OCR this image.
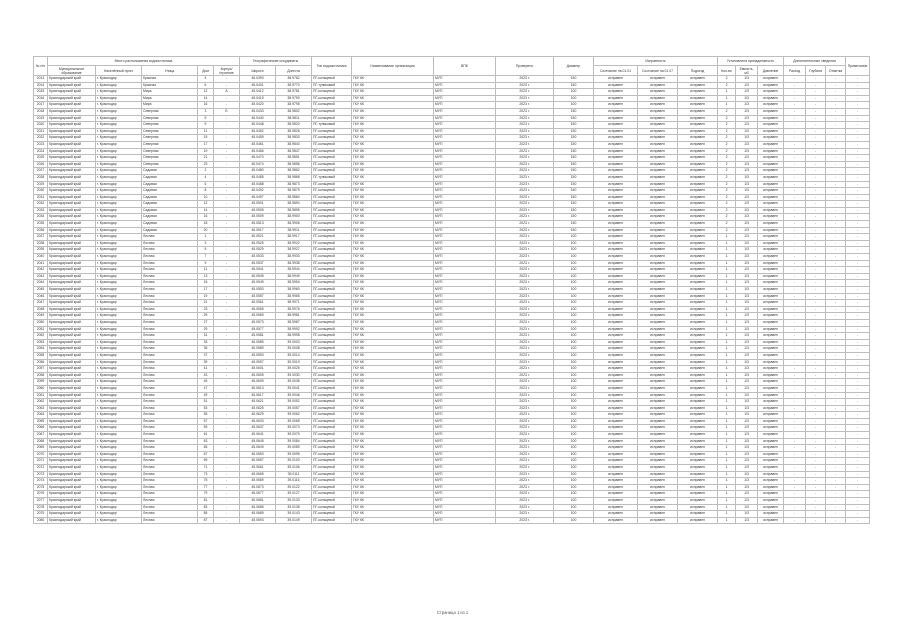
№ п/п	Место расположения водоисточника					Географические координаты		Тип водоисточника	Наименование организации	ВПБ	Проверено	Диаметр	Исправность			Установлена принадлежность			Дополнительные сведения			Примечание
	Муниципальное образование	Населённый пункт	Улица	Дом	Корпус/строение	Широта	Долгота						Состояние на 01.01	Состояние на 01.07	Подъезд	Кол-во	Емкость, м3	Давление	Расход	Глубина	Отметка	
2013	Краснодарский край	г. Краснодар	Красная	4	-	45.0393	38.9762	ПГ-кольцевой	ГКУ КК	МУП	2023 г.	150	исправен	исправен	исправен	2	1/3	исправен	-	-	-	-
2014	Краснодарский край	г. Краснодар	Красная	6	-	45.0401	38.9770	ПГ-тупиковый	ГКУ КК	МУП	2023 г.	150	исправен	исправен	исправен	2	1/3	исправен	-	-	-	-
2015	Краснодарский край	г. Краснодар	Мира	12	А	45.0412	38.9781	ПГ-кольцевой	ГКУ КК	МУП	2023 г.	100	исправен	исправен	исправен	1	1/3	исправен	-	-	-	-
2016	Краснодарский край	г. Краснодар	Мира	14	-	45.0415	38.9790	ПГ-кольцевой	ГКУ КК	МУП	2023 г.	100	исправен	исправен	исправен	1	1/3	исправен	-	-	-	-
2017	Краснодарский край	г. Краснодар	Мира	16	-	45.0420	38.9795	ПГ-кольцевой	ГКУ КК	МУП	2023 г.	100	исправен	исправен	исправен	1	1/3	исправен	-	-	-	-
2018	Краснодарский край	г. Краснодар	Северная	3	Б	45.0433	38.9802	ПГ-кольцевой	ГКУ КК	МУП	2023 г.	150	исправен	исправен	исправен	2	1/3	исправен	-	-	-	-
2019	Краснодарский край	г. Краснодар	Северная	5	-	45.0440	38.9811	ПГ-кольцевой	ГКУ КК	МУП	2023 г.	150	исправен	исправен	исправен	2	1/3	исправен	-	-	-	-
2020	Краснодарский край	г. Краснодар	Северная	9	-	45.0448	38.9820	ПГ-тупиковый	ГКУ КК	МУП	2023 г.	150	исправен	исправен	исправен	2	1/3	исправен	-	-	-	-
2021	Краснодарский край	г. Краснодар	Северная	11	-	45.0452	38.9826	ПГ-кольцевой	ГКУ КК	МУП	2023 г.	150	исправен	исправен	исправен	2	1/3	исправен	-	-	-	-
2022	Краснодарский край	г. Краснодар	Северная	15	-	45.0459	38.9833	ПГ-кольцевой	ГКУ КК	МУП	2023 г.	150	исправен	исправен	исправен	2	1/3	исправен	-	-	-	-
2023	Краснодарский край	г. Краснодар	Северная	17	-	45.0461	38.9840	ПГ-кольцевой	ГКУ КК	МУП	2023 г.	150	исправен	исправен	исправен	2	1/3	исправен	-	-	-	-
2024	Краснодарский край	г. Краснодар	Северная	19	-	45.0466	38.9847	ПГ-кольцевой	ГКУ КК	МУП	2023 г.	150	исправен	исправен	исправен	2	1/3	исправен	-	-	-	-
2025	Краснодарский край	г. Краснодар	Северная	21	-	45.0470	38.9851	ПГ-кольцевой	ГКУ КК	МУП	2023 г.	150	исправен	исправен	исправен	2	1/3	исправен	-	-	-	-
2026	Краснодарский край	г. Краснодар	Северная	23	-	45.0474	38.9856	ПГ-кольцевой	ГКУ КК	МУП	2023 г.	150	исправен	исправен	исправен	2	1/3	исправен	-	-	-	-
2027	Краснодарский край	г. Краснодар	Садовая	2	-	45.0480	38.9862	ПГ-кольцевой	ГКУ КК	МУП	2023 г.	150	исправен	исправен	исправен	2	1/3	исправен	-	-	-	-
2028	Краснодарский край	г. Краснодар	Садовая	4	-	45.0485	38.9868	ПГ-тупиковый	ГКУ КК	МУП	2023 г.	150	исправен	исправен	исправен	2	1/3	исправен	-	-	-	-
2029	Краснодарский край	г. Краснодар	Садовая	6	-	45.0488	38.9873	ПГ-кольцевой	ГКУ КК	МУП	2023 г.	150	исправен	исправен	исправен	2	1/3	исправен	-	-	-	-
2030	Краснодарский край	г. Краснодар	Садовая	8	-	45.0492	38.9879	ПГ-кольцевой	ГКУ КК	МУП	2023 г.	150	исправен	исправен	исправен	2	1/3	исправен	-	-	-	-
2031	Краснодарский край	г. Краснодар	Садовая	10	-	45.0497	38.9884	ПГ-кольцевой	ГКУ КК	МУП	2023 г.	150	исправен	исправен	исправен	2	1/3	исправен	-	-	-	-
2032	Краснодарский край	г. Краснодар	Садовая	12	-	45.0501	38.9890	ПГ-кольцевой	ГКУ КК	МУП	2023 г.	150	исправен	исправен	исправен	2	1/3	исправен	-	-	-	-
2033	Краснодарский край	г. Краснодар	Садовая	14	-	45.0505	38.9895	ПГ-кольцевой	ГКУ КК	МУП	2023 г.	150	исправен	исправен	исправен	2	1/3	исправен	-	-	-	-
2034	Краснодарский край	г. Краснодар	Садовая	16	-	45.0509	38.9900	ПГ-кольцевой	ГКУ КК	МУП	2023 г.	150	исправен	исправен	исправен	2	1/3	исправен	-	-	-	-
2035	Краснодарский край	г. Краснодар	Садовая	18	-	45.0513	38.9906	ПГ-кольцевой	ГКУ КК	МУП	2023 г.	150	исправен	исправен	исправен	2	1/3	исправен	-	-	-	-
2036	Краснодарский край	г. Краснодар	Садовая	20	-	45.0517	38.9911	ПГ-кольцевой	ГКУ КК	МУП	2023 г.	150	исправен	исправен	исправен	2	1/3	исправен	-	-	-	-
2037	Краснодарский край	г. Краснодар	Лесная	1	-	45.0521	38.9917	ПГ-кольцевой	ГКУ КК	МУП	2023 г.	100	исправен	исправен	исправен	1	1/3	исправен	-	-	-	-
2038	Краснодарский край	г. Краснодар	Лесная	3	-	45.0525	38.9922	ПГ-кольцевой	ГКУ КК	МУП	2023 г.	100	исправен	исправен	исправен	1	1/3	исправен	-	-	-	-
2039	Краснодарский край	г. Краснодар	Лесная	5	-	45.0529	38.9927	ПГ-кольцевой	ГКУ КК	МУП	2023 г.	100	исправен	исправен	исправен	1	1/3	исправен	-	-	-	-
2040	Краснодарский край	г. Краснодар	Лесная	7	-	45.0533	38.9933	ПГ-кольцевой	ГКУ КК	МУП	2023 г.	100	исправен	исправен	исправен	1	1/3	исправен	-	-	-	-
2041	Краснодарский край	г. Краснодар	Лесная	9	-	45.0537	38.9938	ПГ-кольцевой	ГКУ КК	МУП	2023 г.	100	исправен	исправен	исправен	1	1/3	исправен	-	-	-	-
2042	Краснодарский край	г. Краснодар	Лесная	11	-	45.0541	38.9944	ПГ-кольцевой	ГКУ КК	МУП	2023 г.	100	исправен	исправен	исправен	1	1/3	исправен	-	-	-	-
2043	Краснодарский край	г. Краснодар	Лесная	13	-	45.0545	38.9949	ПГ-кольцевой	ГКУ КК	МУП	2023 г.	100	исправен	исправен	исправен	1	1/3	исправен	-	-	-	-
2044	Краснодарский край	г. Краснодар	Лесная	15	-	45.0549	38.9954	ПГ-кольцевой	ГКУ КК	МУП	2023 г.	100	исправен	исправен	исправен	1	1/3	исправен	-	-	-	-
2045	Краснодарский край	г. Краснодар	Лесная	17	-	45.0553	38.9960	ПГ-кольцевой	ГКУ КК	МУП	2023 г.	100	исправен	исправен	исправен	1	1/3	исправен	-	-	-	-
2046	Краснодарский край	г. Краснодар	Лесная	19	-	45.0557	38.9965	ПГ-кольцевой	ГКУ КК	МУП	2023 г.	100	исправен	исправен	исправен	1	1/3	исправен	-	-	-	-
2047	Краснодарский край	г. Краснодар	Лесная	21	-	45.0561	38.9971	ПГ-кольцевой	ГКУ КК	МУП	2023 г.	100	исправен	исправен	исправен	1	1/3	исправен	-	-	-	-
2048	Краснодарский край	г. Краснодар	Лесная	23	-	45.0565	38.9976	ПГ-кольцевой	ГКУ КК	МУП	2023 г.	100	исправен	исправен	исправен	1	1/3	исправен	-	-	-	-
2049	Краснодарский край	г. Краснодар	Лесная	25	-	45.0569	38.9981	ПГ-кольцевой	ГКУ КК	МУП	2023 г.	100	исправен	исправен	исправен	1	1/3	исправен	-	-	-	-
2050	Краснодарский край	г. Краснодар	Лесная	27	-	45.0573	38.9987	ПГ-кольцевой	ГКУ КК	МУП	2023 г.	100	исправен	исправен	исправен	1	1/3	исправен	-	-	-	-
2051	Краснодарский край	г. Краснодар	Лесная	29	-	45.0577	38.9992	ПГ-кольцевой	ГКУ КК	МУП	2023 г.	100	исправен	исправен	исправен	1	1/3	исправен	-	-	-	-
2052	Краснодарский край	г. Краснодар	Лесная	31	-	45.0581	38.9998	ПГ-кольцевой	ГКУ КК	МУП	2023 г.	100	исправен	исправен	исправен	1	1/3	исправен	-	-	-	-
2053	Краснодарский край	г. Краснодар	Лесная	33	-	45.0585	39.0003	ПГ-кольцевой	ГКУ КК	МУП	2023 г.	100	исправен	исправен	исправен	1	1/3	исправен	-	-	-	-
2054	Краснодарский край	г. Краснодар	Лесная	35	-	45.0589	39.0008	ПГ-кольцевой	ГКУ КК	МУП	2023 г.	100	исправен	исправен	исправен	1	1/3	исправен	-	-	-	-
2055	Краснодарский край	г. Краснодар	Лесная	37	-	45.0593	39.0014	ПГ-кольцевой	ГКУ КК	МУП	2023 г.	100	исправен	исправен	исправен	1	1/3	исправен	-	-	-	-
2056	Краснодарский край	г. Краснодар	Лесная	39	-	45.0597	39.0019	ПГ-кольцевой	ГКУ КК	МУП	2023 г.	100	исправен	исправен	исправен	1	1/3	исправен	-	-	-	-
2057	Краснодарский край	г. Краснодар	Лесная	41	-	45.0601	39.0025	ПГ-кольцевой	ГКУ КК	МУП	2023 г.	100	исправен	исправен	исправен	1	1/3	исправен	-	-	-	-
2058	Краснодарский край	г. Краснодар	Лесная	43	-	45.0605	39.0030	ПГ-кольцевой	ГКУ КК	МУП	2023 г.	100	исправен	исправен	исправен	1	1/3	исправен	-	-	-	-
2059	Краснодарский край	г. Краснодар	Лесная	45	-	45.0609	39.0035	ПГ-кольцевой	ГКУ КК	МУП	2023 г.	100	исправен	исправен	исправен	1	1/3	исправен	-	-	-	-
2060	Краснодарский край	г. Краснодар	Лесная	47	-	45.0613	39.0041	ПГ-кольцевой	ГКУ КК	МУП	2023 г.	100	исправен	исправен	исправен	1	1/3	исправен	-	-	-	-
2061	Краснодарский край	г. Краснодар	Лесная	49	-	45.0617	39.0046	ПГ-кольцевой	ГКУ КК	МУП	2023 г.	100	исправен	исправен	исправен	1	1/3	исправен	-	-	-	-
2062	Краснодарский край	г. Краснодар	Лесная	51	-	45.0621	39.0052	ПГ-кольцевой	ГКУ КК	МУП	2023 г.	100	исправен	исправен	исправен	1	1/3	исправен	-	-	-	-
2063	Краснодарский край	г. Краснодар	Лесная	53	-	45.0625	39.0057	ПГ-кольцевой	ГКУ КК	МУП	2023 г.	100	исправен	исправен	исправен	1	1/3	исправен	-	-	-	-
2064	Краснодарский край	г. Краснодар	Лесная	55	-	45.0629	39.0062	ПГ-кольцевой	ГКУ КК	МУП	2023 г.	100	исправен	исправен	исправен	1	1/3	исправен	-	-	-	-
2065	Краснодарский край	г. Краснодар	Лесная	57	-	45.0633	39.0068	ПГ-кольцевой	ГКУ КК	МУП	2023 г.	100	исправен	исправен	исправен	1	1/3	исправен	-	-	-	-
2066	Краснодарский край	г. Краснодар	Лесная	59	-	45.0637	39.0073	ПГ-кольцевой	ГКУ КК	МУП	2023 г.	100	исправен	исправен	исправен	1	1/3	исправен	-	-	-	-
2067	Краснодарский край	г. Краснодар	Лесная	61	-	45.0641	39.0079	ПГ-кольцевой	ГКУ КК	МУП	2023 г.	100	исправен	исправен	исправен	1	1/3	исправен	-	-	-	-
2068	Краснодарский край	г. Краснодар	Лесная	63	-	45.0645	39.0084	ПГ-кольцевой	ГКУ КК	МУП	2023 г.	100	исправен	исправен	исправен	1	1/3	исправен	-	-	-	-
2069	Краснодарский край	г. Краснодар	Лесная	65	-	45.0649	39.0089	ПГ-кольцевой	ГКУ КК	МУП	2023 г.	100	исправен	исправен	исправен	1	1/3	исправен	-	-	-	-
2070	Краснодарский край	г. Краснодар	Лесная	67	-	45.0653	39.0095	ПГ-кольцевой	ГКУ КК	МУП	2023 г.	100	исправен	исправен	исправен	1	1/3	исправен	-	-	-	-
2071	Краснодарский край	г. Краснодар	Лесная	69	-	45.0657	39.0100	ПГ-кольцевой	ГКУ КК	МУП	2023 г.	100	исправен	исправен	исправен	1	1/3	исправен	-	-	-	-
2072	Краснодарский край	г. Краснодар	Лесная	71	-	45.0661	39.0106	ПГ-кольцевой	ГКУ КК	МУП	2023 г.	100	исправен	исправен	исправен	1	1/3	исправен	-	-	-	-
2073	Краснодарский край	г. Краснодар	Лесная	73	-	45.0665	39.0111	ПГ-кольцевой	ГКУ КК	МУП	2023 г.	100	исправен	исправен	исправен	1	1/3	исправен	-	-	-	-
2074	Краснодарский край	г. Краснодар	Лесная	75	-	45.0669	39.0116	ПГ-кольцевой	ГКУ КК	МУП	2023 г.	100	исправен	исправен	исправен	1	1/3	исправен	-	-	-	-
2075	Краснодарский край	г. Краснодар	Лесная	77	-	45.0673	39.0122	ПГ-кольцевой	ГКУ КК	МУП	2023 г.	100	исправен	исправен	исправен	1	1/3	исправен	-	-	-	-
2076	Краснодарский край	г. Краснодар	Лесная	79	-	45.0677	39.0127	ПГ-кольцевой	ГКУ КК	МУП	2023 г.	100	исправен	исправен	исправен	1	1/3	исправен	-	-	-	-
2077	Краснодарский край	г. Краснодар	Лесная	81	-	45.0681	39.0133	ПГ-кольцевой	ГКУ КК	МУП	2023 г.	100	исправен	исправен	исправен	1	1/3	исправен	-	-	-	-
2078	Краснодарский край	г. Краснодар	Лесная	83	-	45.0685	39.0138	ПГ-кольцевой	ГКУ КК	МУП	2023 г.	100	исправен	исправен	исправен	1	1/3	исправен	-	-	-	-
2079	Краснодарский край	г. Краснодар	Лесная	85	-	45.0689	39.0143	ПГ-кольцевой	ГКУ КК	МУП	2023 г.	100	исправен	исправен	исправен	1	1/3	исправен	-	-	-	-
2080	Краснодарский край	г. Краснодар	Лесная	87	-	45.0693	39.0149	ПГ-кольцевой	ГКУ КК	МУП	2023 г.	100	исправен	исправен	исправен	1	1/3	исправен	-	-	-	-
Страница 1 из 1
